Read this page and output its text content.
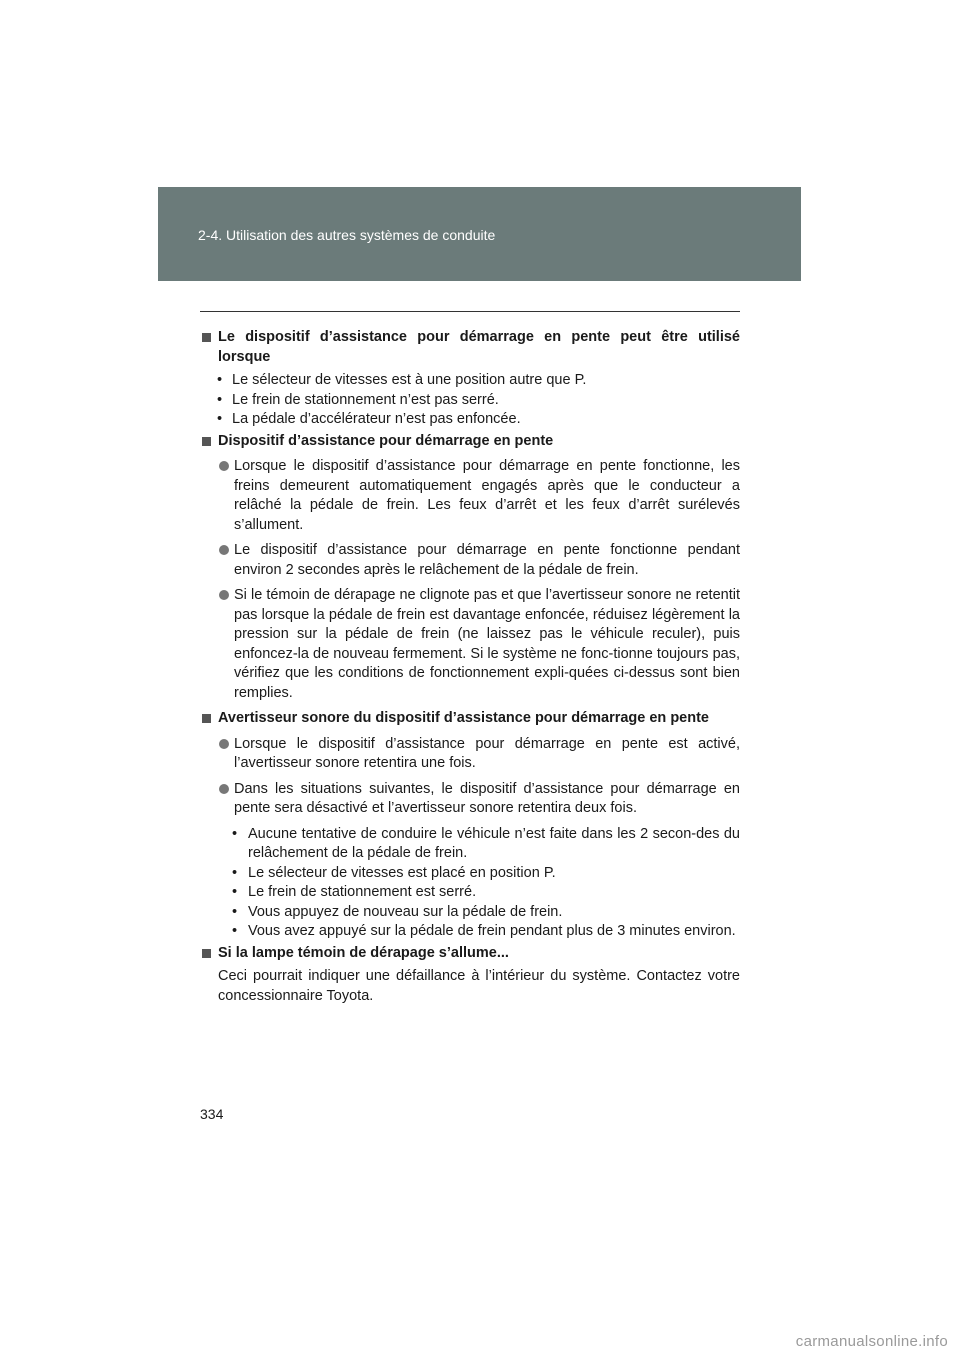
2-4. Utilisation des autres systèmes de conduite
Le dispositif d’assistance pour démarrage en pente peut être utilisé lorsque
• Le sélecteur de vitesses est à une position autre que P.
• Le frein de stationnement n’est pas serré.
• La pédale d’accélérateur n’est pas enfoncée.
Dispositif d’assistance pour démarrage en pente
Lorsque le dispositif d’assistance pour démarrage en pente fonctionne, les freins demeurent automatiquement engagés après que le conducteur a relâché la pédale de frein. Les feux d’arrêt et les feux d’arrêt surélevés s’allument.
Le dispositif d’assistance pour démarrage en pente fonctionne pendant environ 2 secondes après le relâchement de la pédale de frein.
Si le témoin de dérapage ne clignote pas et que l’avertisseur sonore ne retentit pas lorsque la pédale de frein est davantage enfoncée, réduisez légèrement la pression sur la pédale de frein (ne laissez pas le véhicule reculer), puis enfoncez-la de nouveau fermement. Si le système ne fonc-tionne toujours pas, vérifiez que les conditions de fonctionnement expli-quées ci-dessus sont bien remplies.
Avertisseur sonore du dispositif d’assistance pour démarrage en pente
Lorsque le dispositif d’assistance pour démarrage en pente est activé, l’avertisseur sonore retentira une fois.
Dans les situations suivantes, le dispositif d’assistance pour démarrage en pente sera désactivé et l’avertisseur sonore retentira deux fois.
• Aucune tentative de conduire le véhicule n’est faite dans les 2 secon-des du relâchement de la pédale de frein.
• Le sélecteur de vitesses est placé en position P.
• Le frein de stationnement est serré.
• Vous appuyez de nouveau sur la pédale de frein.
• Vous avez appuyé sur la pédale de frein pendant plus de 3 minutes environ.
Si la lampe témoin de dérapage s’allume...
Ceci pourrait indiquer une défaillance à l’intérieur du système. Contactez votre concessionnaire Toyota.
334
carmanualsonline.info
